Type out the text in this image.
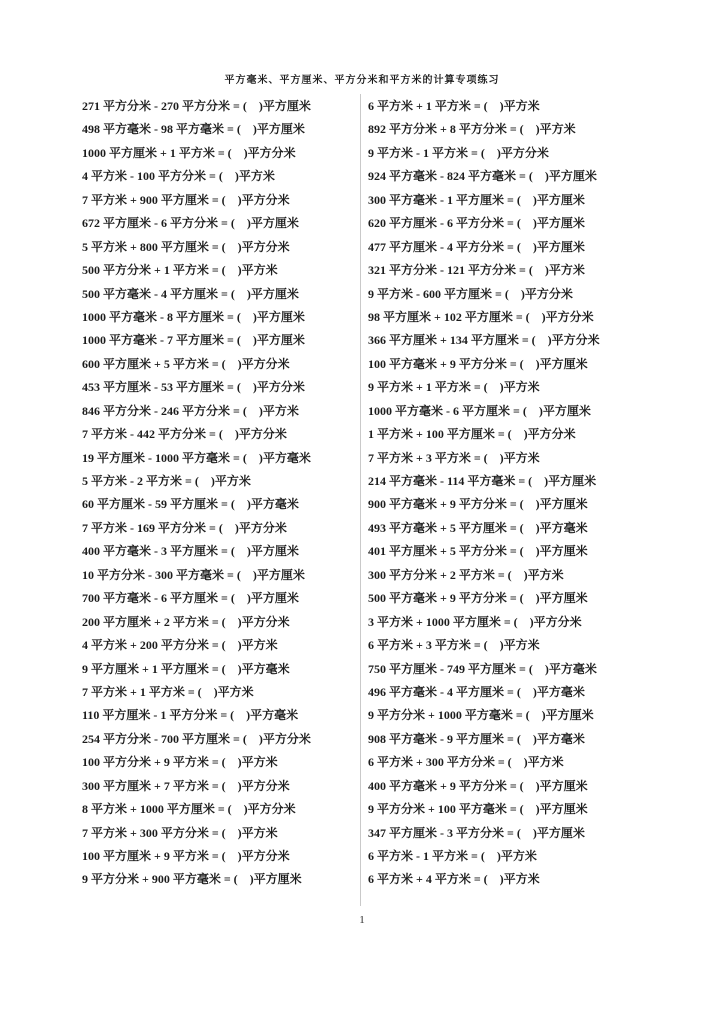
平方毫米、平方厘米、平方分米和平方米的计算专项练习
271 平方分米 - 270 平方分米 = (    )平方厘米
498 平方毫米 - 98 平方毫米 = (    )平方厘米
1000 平方厘米 + 1 平方米 = (    )平方分米
4 平方米 - 100 平方分米 = (    )平方米
7 平方米 + 900 平方厘米 = (    )平方分米
672 平方厘米 - 6 平方分米 = (    )平方厘米
5 平方米 + 800 平方厘米 = (    )平方分米
500 平方分米 + 1 平方米 = (    )平方米
500 平方毫米 - 4 平方厘米 = (    )平方厘米
1000 平方毫米 - 8 平方厘米 = (    )平方厘米
1000 平方毫米 - 7 平方厘米 = (    )平方厘米
600 平方厘米 + 5 平方米 = (    )平方分米
453 平方厘米 - 53 平方厘米 = (    )平方分米
846 平方分米 - 246 平方分米 = (    )平方米
7 平方米 - 442 平方分米 = (    )平方分米
19 平方厘米 - 1000 平方毫米 = (    )平方毫米
5 平方米 - 2 平方米 = (    )平方米
60 平方厘米 - 59 平方厘米 = (    )平方毫米
7 平方米 - 169 平方分米 = (    )平方分米
400 平方毫米 - 3 平方厘米 = (    )平方厘米
10 平方分米 - 300 平方毫米 = (    )平方厘米
700 平方毫米 - 6 平方厘米 = (    )平方厘米
200 平方厘米 + 2 平方米 = (    )平方分米
4 平方米 + 200 平方分米 = (    )平方米
9 平方厘米 + 1 平方厘米 = (    )平方毫米
7 平方米 + 1 平方米 = (    )平方米
110 平方厘米 - 1 平方分米 = (    )平方毫米
254 平方分米 - 700 平方厘米 = (    )平方分米
100 平方分米 + 9 平方米 = (    )平方米
300 平方厘米 + 7 平方米 = (    )平方分米
8 平方米 + 1000 平方厘米 = (    )平方分米
7 平方米 + 300 平方分米 = (    )平方米
100 平方厘米 + 9 平方米 = (    )平方分米
9 平方分米 + 900 平方毫米 = (    )平方厘米
6 平方米 + 1 平方米 = (    )平方米
892 平方分米 + 8 平方分米 = (    )平方米
9 平方米 - 1 平方米 = (    )平方分米
924 平方毫米 - 824 平方毫米 = (    )平方厘米
300 平方毫米 - 1 平方厘米 = (    )平方厘米
620 平方厘米 - 6 平方分米 = (    )平方厘米
477 平方厘米 - 4 平方分米 = (    )平方厘米
321 平方分米 - 121 平方分米 = (    )平方米
9 平方米 - 600 平方厘米 = (    )平方分米
98 平方厘米 + 102 平方厘米 = (    )平方分米
366 平方厘米 + 134 平方厘米 = (    )平方分米
100 平方毫米 + 9 平方分米 = (    )平方厘米
9 平方米 + 1 平方米 = (    )平方米
1000 平方毫米 - 6 平方厘米 = (    )平方厘米
1 平方米 + 100 平方厘米 = (    )平方分米
7 平方米 + 3 平方米 = (    )平方米
214 平方毫米 - 114 平方毫米 = (    )平方厘米
900 平方毫米 + 9 平方分米 = (    )平方厘米
493 平方毫米 + 5 平方厘米 = (    )平方毫米
401 平方厘米 + 5 平方分米 = (    )平方厘米
300 平方分米 + 2 平方米 = (    )平方米
500 平方毫米 + 9 平方分米 = (    )平方厘米
3 平方米 + 1000 平方厘米 = (    )平方分米
6 平方米 + 3 平方米 = (    )平方米
750 平方厘米 - 749 平方厘米 = (    )平方毫米
496 平方毫米 - 4 平方厘米 = (    )平方毫米
9 平方分米 + 1000 平方毫米 = (    )平方厘米
908 平方毫米 - 9 平方厘米 = (    )平方毫米
6 平方米 + 300 平方分米 = (    )平方米
400 平方毫米 + 9 平方分米 = (    )平方厘米
9 平方分米 + 100 平方毫米 = (    )平方厘米
347 平方厘米 - 3 平方分米 = (    )平方厘米
6 平方米 - 1 平方米 = (    )平方米
6 平方米 + 4 平方米 = (    )平方米
1
